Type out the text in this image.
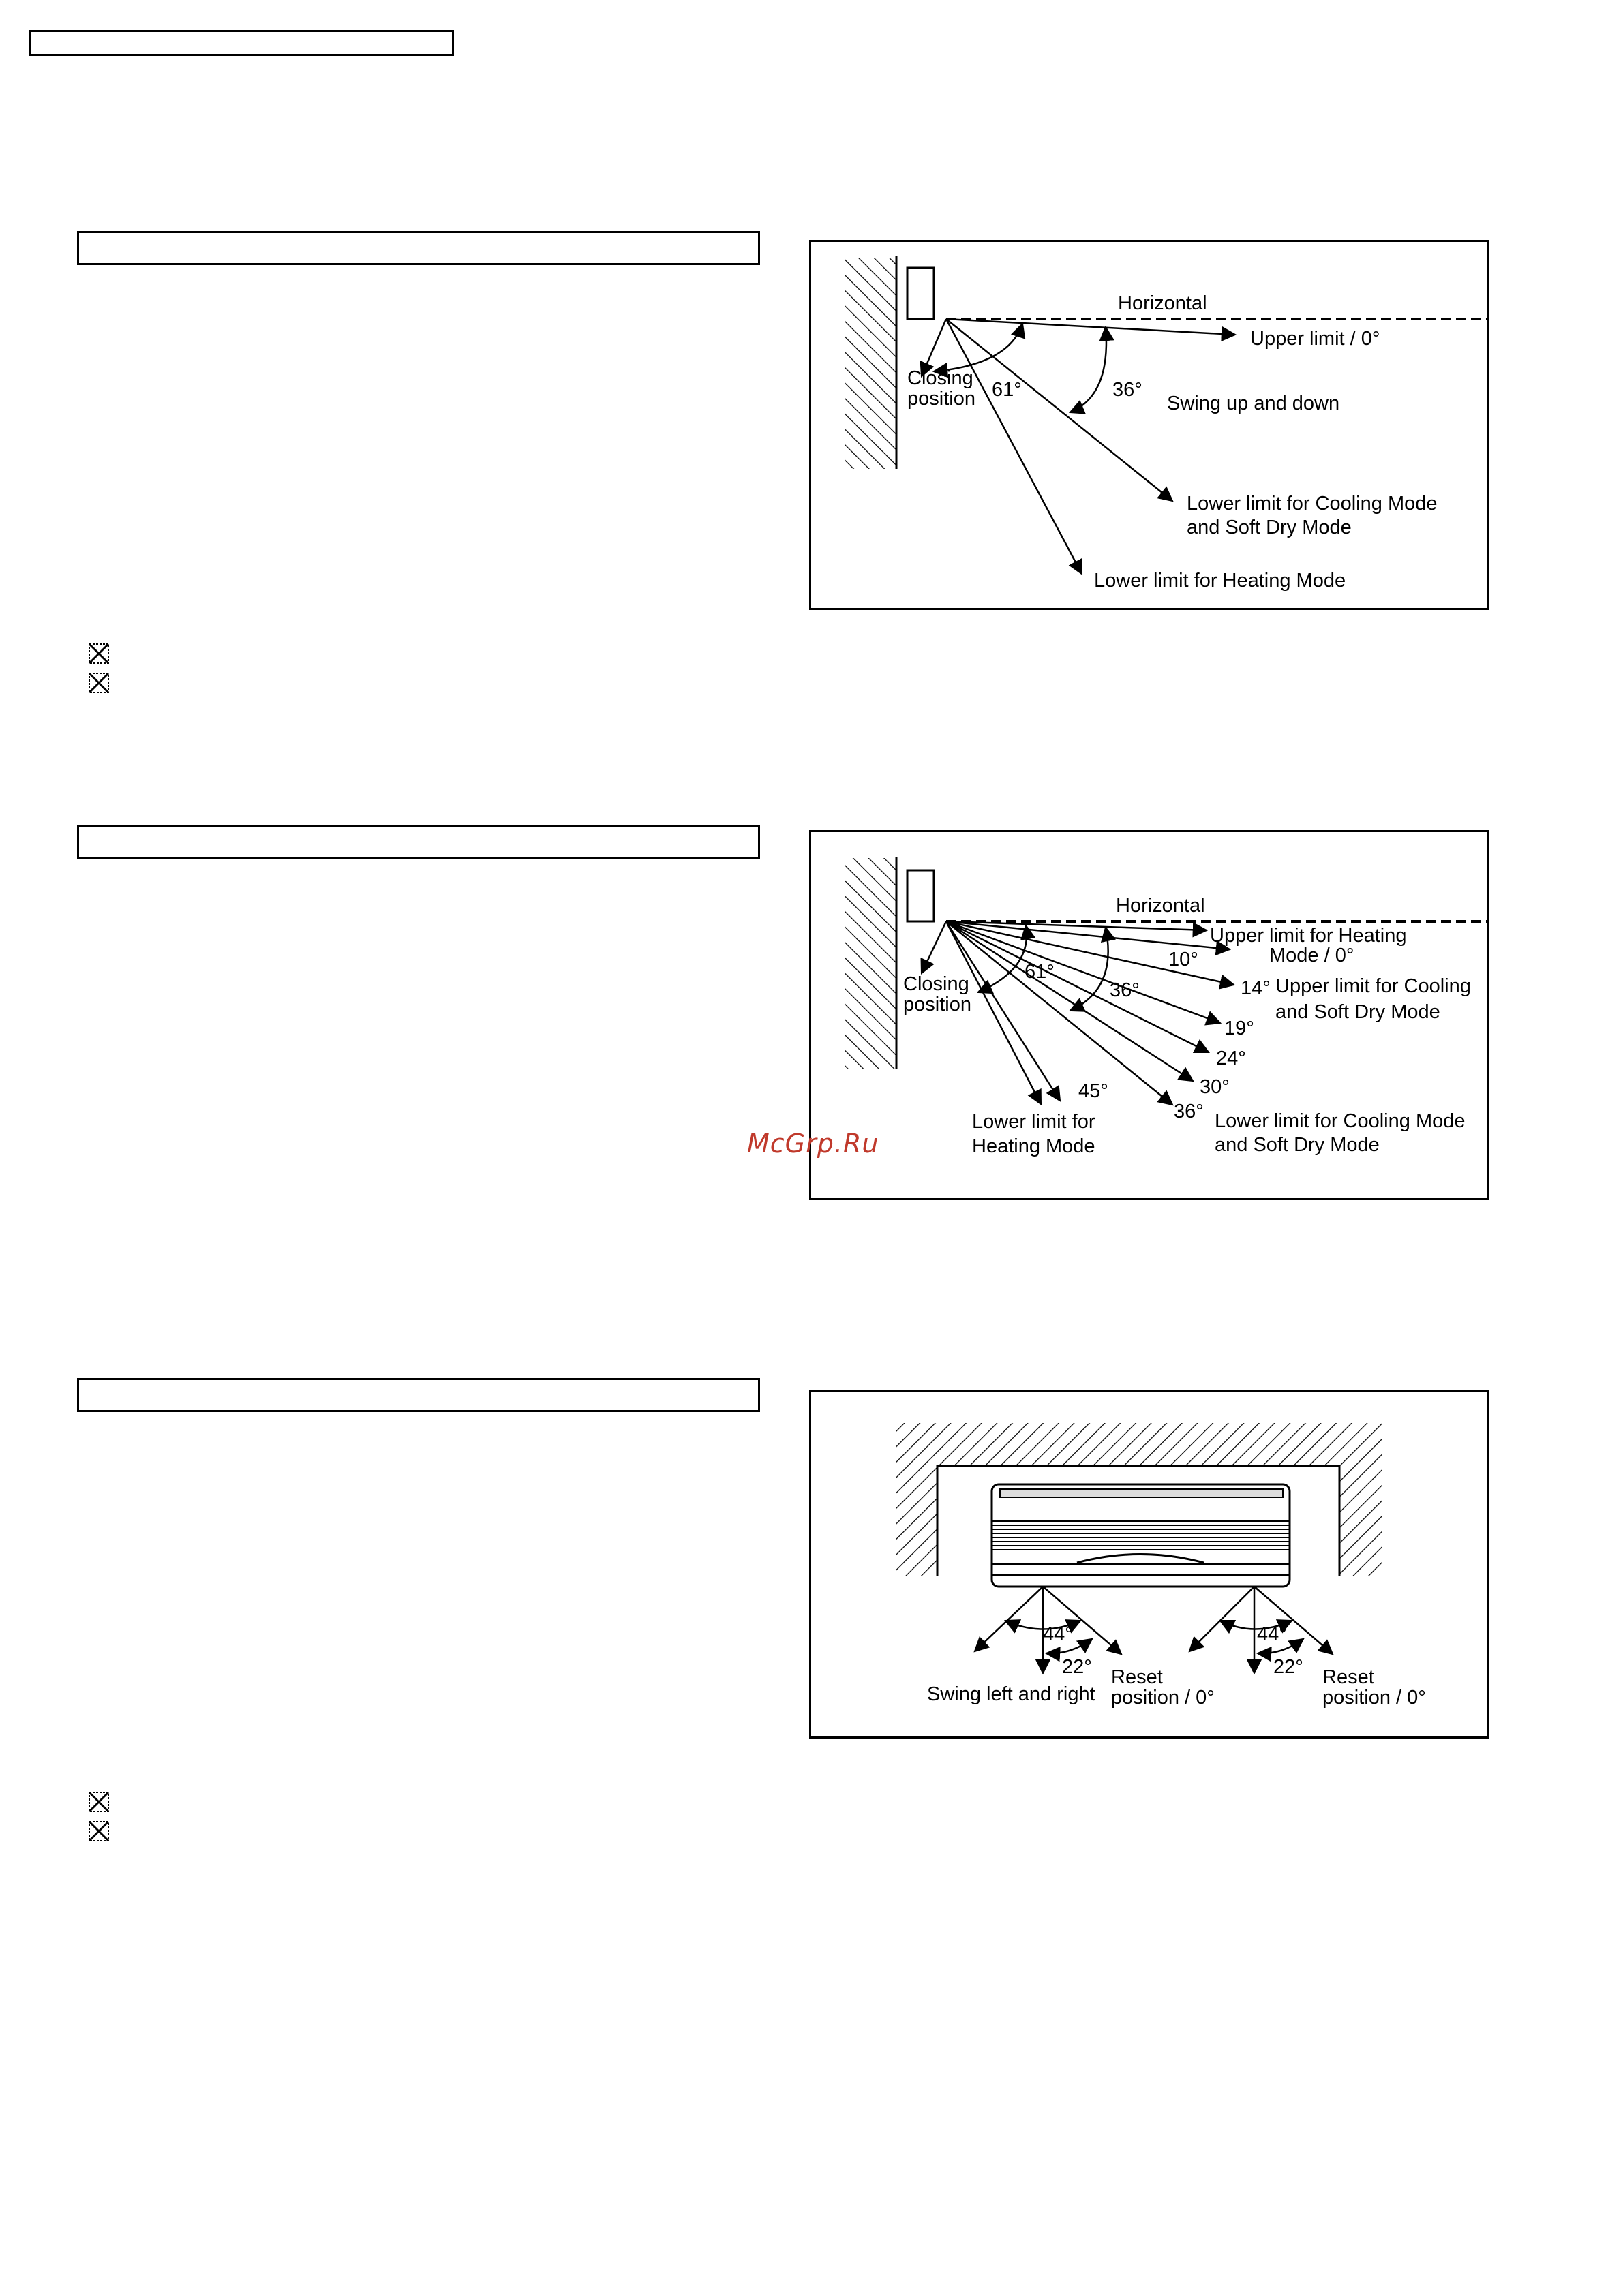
Horizontal
Upper limit / 0°
Closing
position 61°	36°
Swing up and down
Lower limit for Cooling Mode
and Soft Dry Mode
Lower limit for Heating Mode
Horizontal
Upper limit for Heating
Mode / 0°
10°
Closing
position
61°
36°	14° Upper limit for Cooling
and Soft Dry Mode
19°
24°
30°
36°
45°
Lower limit for
Heating Mode
Lower limit for Cooling Mode
and Soft Dry Mode
McGrp.Ru
44°
22°
44°
22°
Swing left and right
Reset
position / 0°
Reset
position / 0°
